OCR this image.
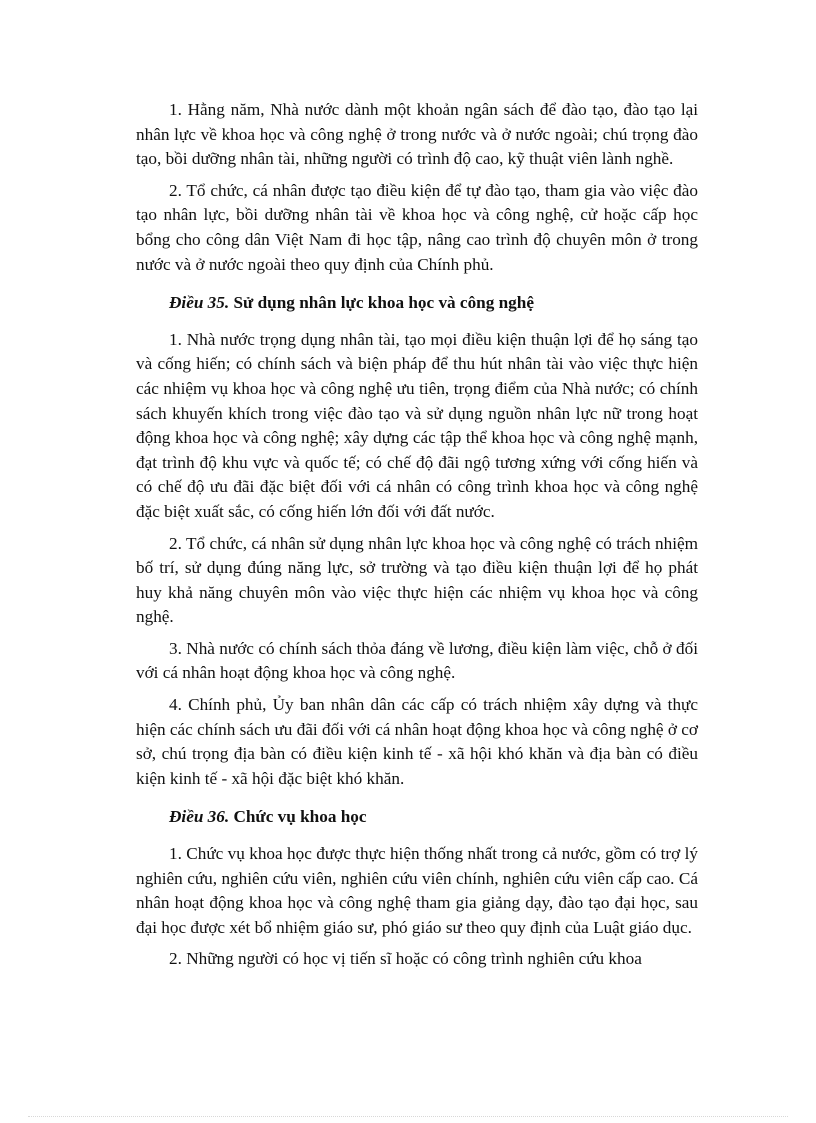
1. Hằng năm, Nhà nước dành một khoản ngân sách để đào tạo, đào tạo lại nhân lực về khoa học và công nghệ ở trong nước và ở nước ngoài; chú trọng đào tạo, bồi dưỡng nhân tài, những người có trình độ cao, kỹ thuật viên lành nghề.

2. Tổ chức, cá nhân được tạo điều kiện để tự đào tạo, tham gia vào việc đào tạo nhân lực, bồi dưỡng nhân tài về khoa học và công nghệ, cử hoặc cấp học bổng cho công dân Việt Nam đi học tập, nâng cao trình độ chuyên môn ở trong nước và ở nước ngoài theo quy định của Chính phủ.

Điều 35. Sử dụng nhân lực khoa học và công nghệ

1. Nhà nước trọng dụng nhân tài, tạo mọi điều kiện thuận lợi để họ sáng tạo và cống hiến; có chính sách và biện pháp để thu hút nhân tài vào việc thực hiện các nhiệm vụ khoa học và công nghệ ưu tiên, trọng điểm của Nhà nước; có chính sách khuyến khích trong việc đào tạo và sử dụng nguồn nhân lực nữ trong hoạt động khoa học và công nghệ; xây dựng các tập thể khoa học và công nghệ mạnh, đạt trình độ khu vực và quốc tế; có chế độ đãi ngộ tương xứng với cống hiến và có chế độ ưu đãi đặc biệt đối với cá nhân có công trình khoa học và công nghệ đặc biệt xuất sắc, có cống hiến lớn đối với đất nước.

2. Tổ chức, cá nhân sử dụng nhân lực khoa học và công nghệ có trách nhiệm bố trí, sử dụng đúng năng lực, sở trường và tạo điều kiện thuận lợi để họ phát huy khả năng chuyên môn vào việc thực hiện các nhiệm vụ khoa học và công nghệ.

3. Nhà nước có chính sách thỏa đáng về lương, điều kiện làm việc, chỗ ở đối với cá nhân hoạt động khoa học và công nghệ.

4. Chính phủ, Ủy ban nhân dân các cấp có trách nhiệm xây dựng và thực hiện các chính sách ưu đãi đối với cá nhân hoạt động khoa học và công nghệ ở cơ sở, chú trọng địa bàn có điều kiện kinh tế - xã hội khó khăn và địa bàn có điều kiện kinh tế - xã hội đặc biệt khó khăn.

Điều 36. Chức vụ khoa học

1. Chức vụ khoa học được thực hiện thống nhất trong cả nước, gồm có trợ lý nghiên cứu, nghiên cứu viên, nghiên cứu viên chính, nghiên cứu viên cấp cao. Cá nhân hoạt động khoa học và công nghệ tham gia giảng dạy, đào tạo đại học, sau đại học được xét bổ nhiệm giáo sư, phó giáo sư theo quy định của Luật giáo dục.

2. Những người có học vị tiến sĩ hoặc có công trình nghiên cứu khoa
